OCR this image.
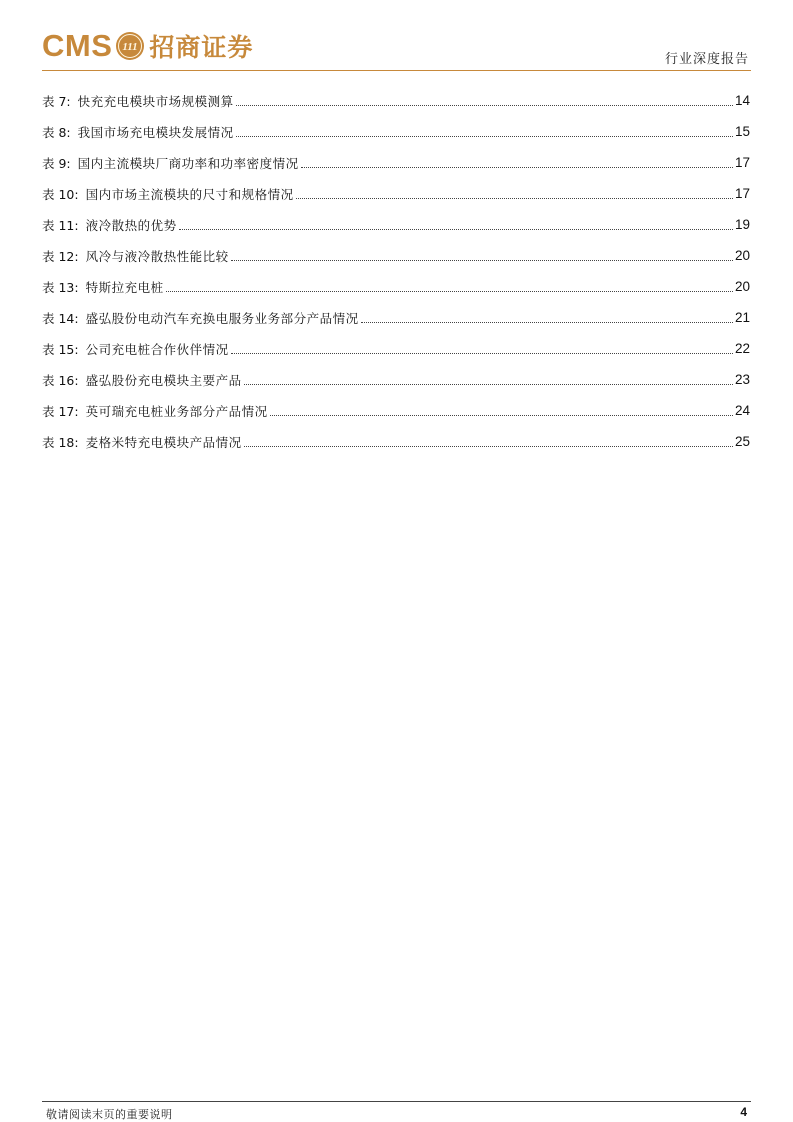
CMS 111 招商证券	行业深度报告
表 7: 快充充电模块市场规模测算	14
表 8: 我国市场充电模块发展情况	15
表 9: 国内主流模块厂商功率和功率密度情况	17
表 10: 国内市场主流模块的尺寸和规格情况	17
表 11: 液冷散热的优势	19
表 12: 风冷与液冷散热性能比较	20
表 13: 特斯拉充电桩	20
表 14: 盛弘股份电动汽车充换电服务业务部分产品情况	21
表 15: 公司充电桩合作伙伴情况	22
表 16: 盛弘股份充电模块主要产品	23
表 17: 英可瑞充电桩业务部分产品情况	24
表 18: 麦格米特充电模块产品情况	25
敬请阅读末页的重要说明	4
